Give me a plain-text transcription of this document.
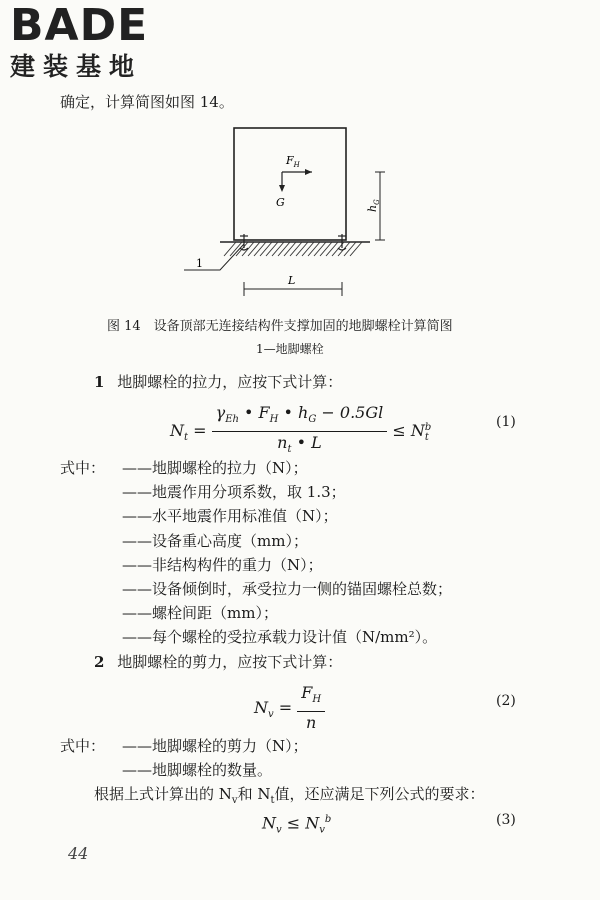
BADE
建装基地
确定，计算简图如图 14。
1
$F_H$
G	$h_G$
L
图 14　设备顶部无连接结构件支撑加固的地脚螺栓计算简图
1—地脚螺栓
1 地脚螺栓的拉力，应按下式计算：
$N_t = \frac{\gamma_{Eh} • F_H • h_G - 0.5Gl}{n_t • L} \le N_t^b$	(1)
式中： ——地脚螺栓的拉力（N）；
——地震作用分项系数，取 1.3；
——水平地震作用标准值（N）；
——设备重心高度（mm）；
——非结构构件的重力（N）；
——设备倾倒时，承受拉力一侧的锚固螺栓总数；
——螺栓间距（mm）；
——每个螺栓的受拉承载力设计值（N/mm²）。
2 地脚螺栓的剪力，应按下式计算：
$N_v = \frac{F_H}{n}$	(2)
式中： ——地脚螺栓的剪力（N）；
——地脚螺栓的数量。
根据上式计算出的 $N_v$和 $N_t$值，还应满足下列公式的要求：
$N_v \le N_v^b$	(3)
44
